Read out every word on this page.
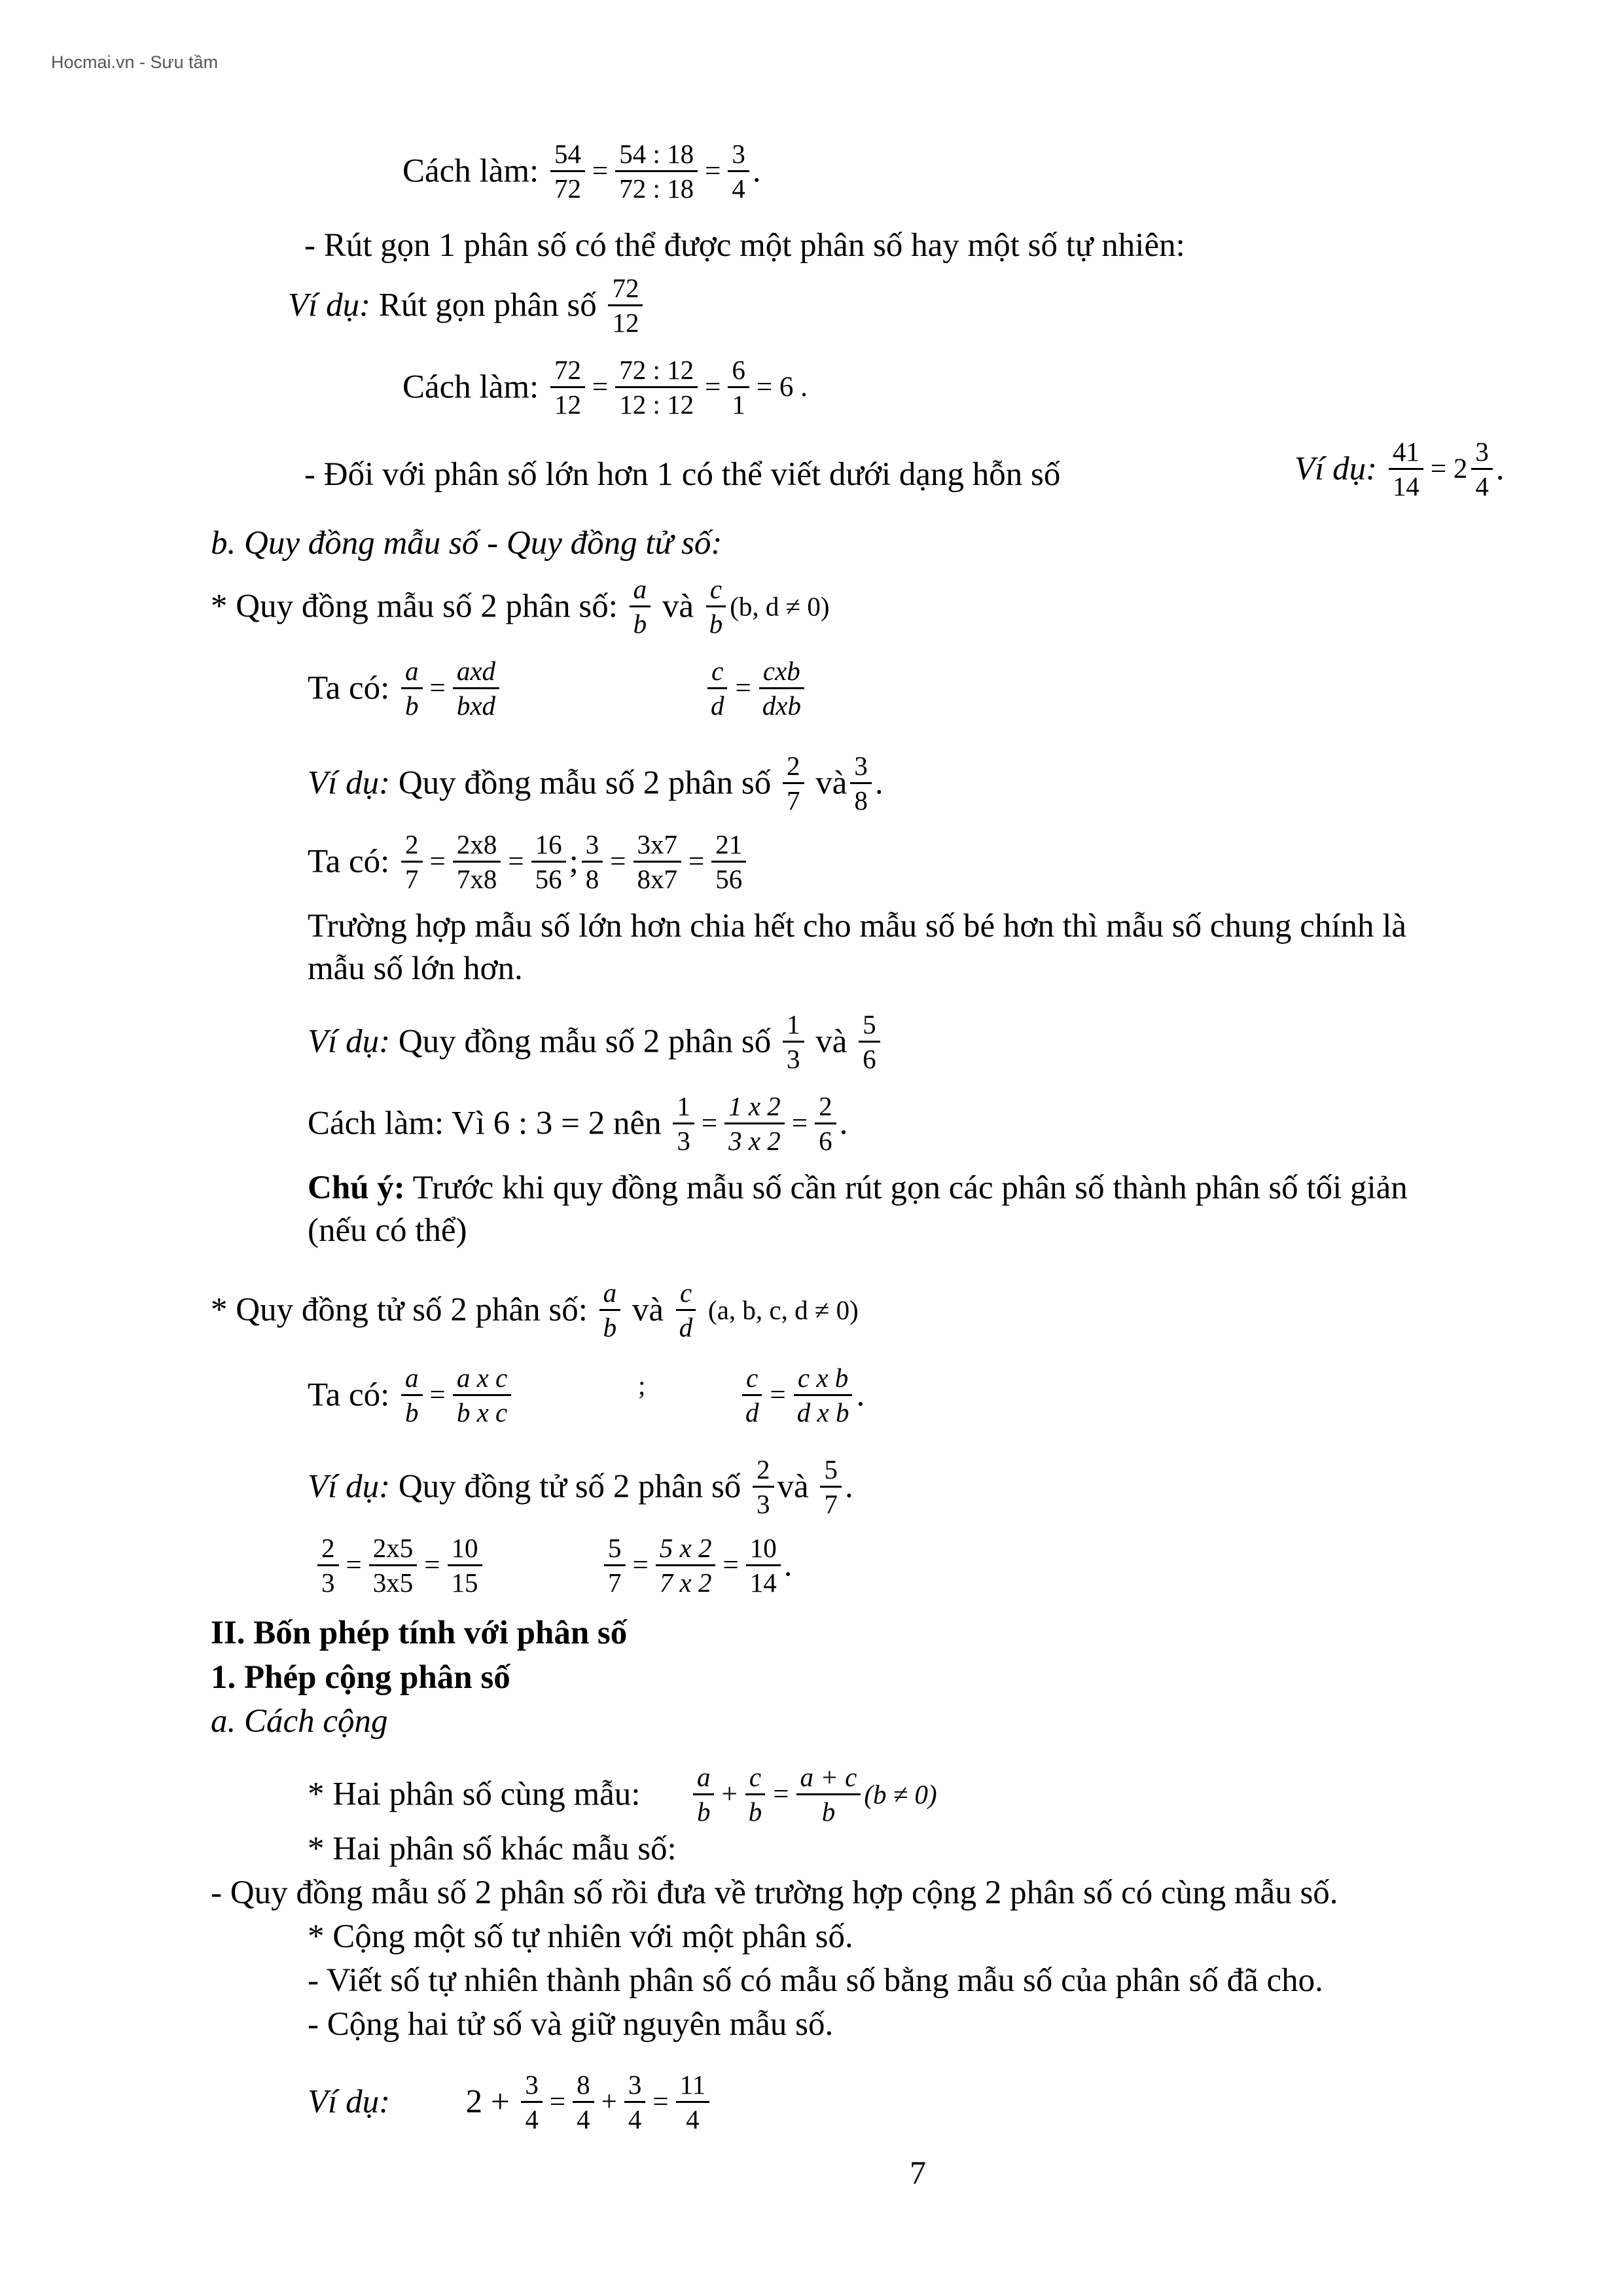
Hocmai.vn - Sưu tầm
Cách làm: $\frac{54}{72} = \frac{54 : 18}{72 : 18} = \frac{3}{4}$ .
- Rút gọn 1 phân số có thể được một phân số hay một số tự nhiên:
Ví dụ: Rút gọn phân số $\frac{72}{12}$
Cách làm: $\frac{72}{12} = \frac{72 : 12}{12 : 12} = \frac{6}{1} = 6$ .
- Đối với phân số lớn hơn 1 có thể viết dưới dạng hỗn số	Ví dụ: $\frac{41}{14} = 2 \frac{3}{4}$ .
b. Quy đồng mẫu số - Quy đồng tử số:
* Quy đồng mẫu số 2 phân số: $\frac{a}{b}$ và $\frac{c}{b} (b$, d ≠ 0)
Ta có: $\frac{a}{b}$ =
axd
bxd	$\frac{c}{d}$ =
cxb
dxb
Ví dụ: Quy đồng mẫu số 2 phân số $\frac{2}{7}$ và $\frac{3}{8}$ .
Ta có: $\frac{2}{7} = \frac{2x8}{7x8} = \frac{16}{56}$ ; $\frac{3}{8} = \frac{3x7}{8x7} = \frac{21}{56}$
Trường hợp mẫu số lớn hơn chia hết cho mẫu số bé hơn thì mẫu số chung chính là
mẫu số lớn hơn.
Ví dụ: Quy đồng mẫu số 2 phân số $\frac{1}{3}$ và $\frac{5}{6}$
Cách làm: Vì 6 : 3 = 2 nên $\frac{1}{3} = \frac{1 x 2}{3 x 2} = \frac{2}{6}$ .
Chú ý: Trước khi quy đồng mẫu số cần rút gọn các phân số thành phân số tối giản
(nếu có thể)
* Quy đồng tử số 2 phân số: $\frac{a}{b}$ và $\frac{c}{d} (a$, b, c, d ≠ 0)
Ta có: $\frac{a}{b} = \frac{\text{a x c}}{\text{b x c}}$	;	$\frac{c}{d} = \frac{\text{c x b}}{\text{d x b}}$ .
Ví dụ: Quy đồng tử số 2 phân số $\frac{2}{3}$ và $\frac{5}{7}$ .
$\frac{2}{3} = \frac{2x5}{3x5} = \frac{10}{15}$	$\frac{5}{7} = \frac{5 x 2}{7 x 2} = \frac{10}{14}$ .
II. Bốn phép tính với phân số
1. Phép cộng phân số
a. Cách cộng
* Hai phân số cùng mẫu: $\frac{a}{b} + \frac{c}{b} = \frac{a + c}{b} (b \ne 0)$
* Hai phân số khác mẫu số:
- Quy đồng mẫu số 2 phân số rồi đưa về trường hợp cộng 2 phân số có cùng mẫu số.
* Cộng một số tự nhiên với một phân số.
- Viết số tự nhiên thành phân số có mẫu số bằng mẫu số của phân số đã cho.
- Cộng hai tử số và giữ nguyên mẫu số.
Ví dụ: $2 + \frac{3}{4} = \frac{8}{4} + \frac{3}{4} = \frac{11}{4}$
7
